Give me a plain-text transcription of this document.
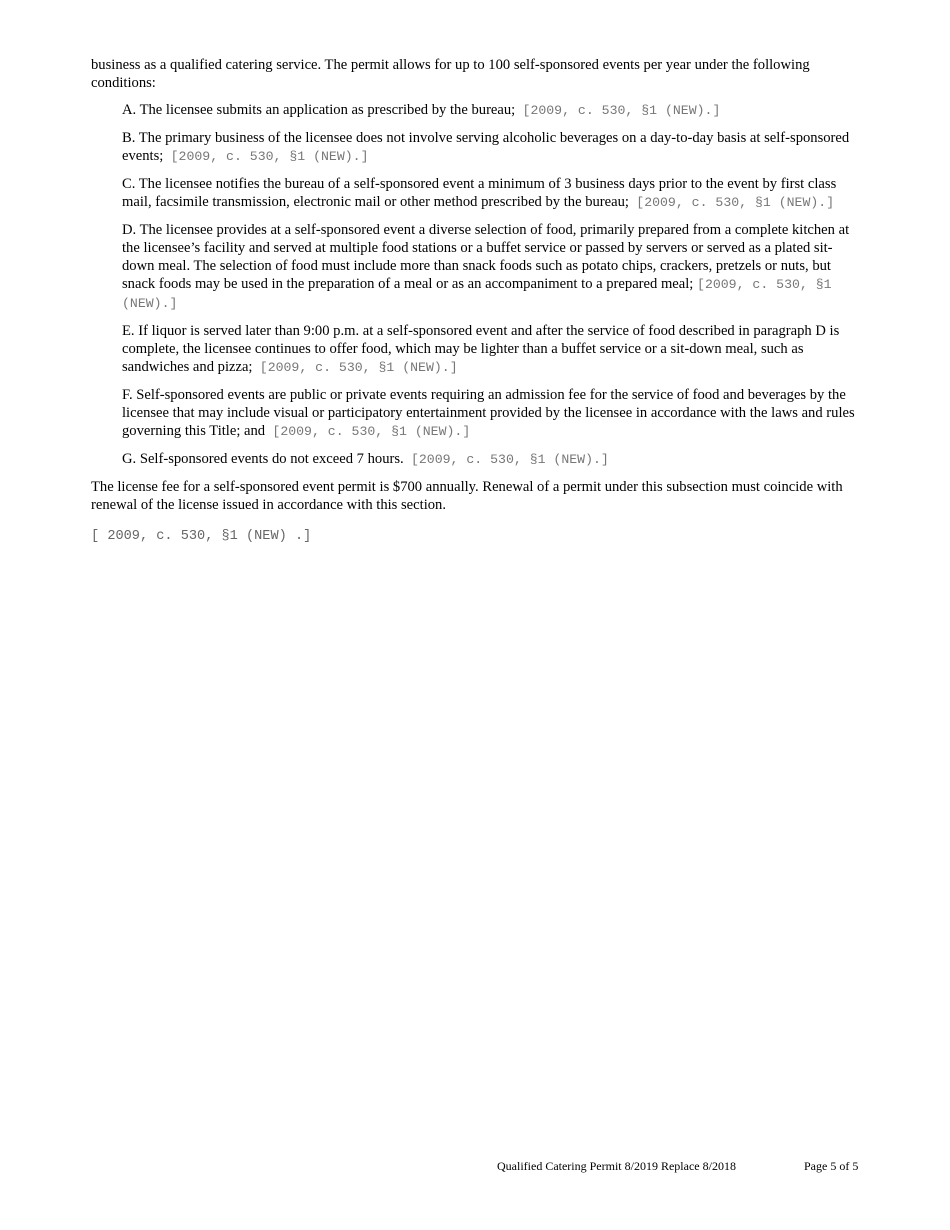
business as a qualified catering service. The permit allows for up to 100 self-sponsored events per year under the following conditions:

A. The licensee submits an application as prescribed by the bureau; [2009, c. 530, §1 (NEW).]

B. The primary business of the licensee does not involve serving alcoholic beverages on a day-to-day basis at self-sponsored events; [2009, c. 530, §1 (NEW).]

C. The licensee notifies the bureau of a self-sponsored event a minimum of 3 business days prior to the event by first class mail, facsimile transmission, electronic mail or other method prescribed by the bureau; [2009, c. 530, §1 (NEW).]

D. The licensee provides at a self-sponsored event a diverse selection of food, primarily prepared from a complete kitchen at the licensee’s facility and served at multiple food stations or a buffet service or passed by servers or served as a plated sit-down meal. The selection of food must include more than snack foods such as potato chips, crackers, pretzels or nuts, but snack foods may be used in the preparation of a meal or as an accompaniment to a prepared meal; [2009, c. 530, §1 (NEW).]

E. If liquor is served later than 9:00 p.m. at a self-sponsored event and after the service of food described in paragraph D is complete, the licensee continues to offer food, which may be lighter than a buffet service or a sit-down meal, such as sandwiches and pizza; [2009, c. 530, §1 (NEW).]

F. Self-sponsored events are public or private events requiring an admission fee for the service of food and beverages by the licensee that may include visual or participatory entertainment provided by the licensee in accordance with the laws and rules governing this Title; and [2009, c. 530, §1 (NEW).]

G. Self-sponsored events do not exceed 7 hours. [2009, c. 530, §1 (NEW).]

The license fee for a self-sponsored event permit is $700 annually. Renewal of a permit under this subsection must coincide with renewal of the license issued in accordance with this section.

[ 2009, c. 530, §1 (NEW) .]
Qualified Catering Permit 8/2019 Replace 8/2018	Page 5 of 5
